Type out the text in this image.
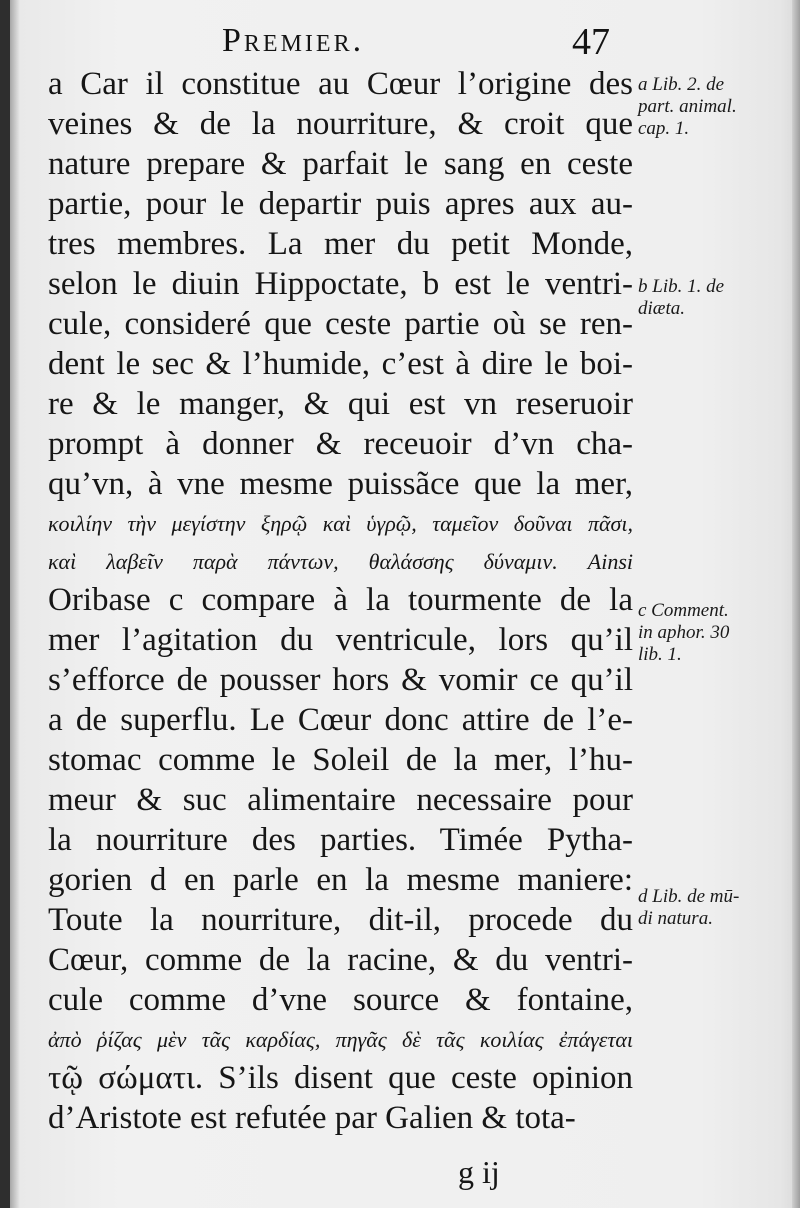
Premier.	47
a Car il constitue au Cœur l’origine des
veines & de la nourriture, & croit que
nature prepare & parfait le sang en ceste
partie, pour le departir puis apres aux au-
tres membres. La mer du petit Monde,
selon le diuin Hippoctate, b est le ventri-
cule, consideré que ceste partie où se ren-
dent le sec & l’humide, c’est à dire le boi-
re & le manger, & qui est vn reseruoir
prompt à donner & receuoir d’vn cha-
qu’vn, à vne mesme puissãce que la mer,
κοιλίην τὴν μεγίστην ξηρῷ καὶ ὑγρῷ, ταμεῖον δοῦναι πᾶσι,
καὶ λαβεῖν παρὰ πάντων, θαλάσσης δύναμιν. Ainsi
Oribase c compare à la tourmente de la
mer l’agitation du ventricule, lors qu’il
s’efforce de pousser hors & vomir ce qu’il
a de superflu. Le Cœur donc attire de l’e-
stomac comme le Soleil de la mer, l’hu-
meur & suc alimentaire necessaire pour
la nourriture des parties. Timée Pytha-
gorien d en parle en la mesme maniere:
Toute la nourriture, dit-il, procede du
Cœur, comme de la racine, & du ventri-
cule comme d’vne source & fontaine,
ἀπὸ ῥίζας μὲν τᾶς καρδίας, πηγᾶς δὲ τᾶς κοιλίας ἐπάγεται
τῷ σώματι. S’ils disent que ceste opinion
d’Aristote est refutée par Galien & tota-
a Lib. 2. de
part. animal.
cap. 1.
b Lib. 1. de
diæta.
c Comment.
in aphor. 30
lib. 1.
d Lib. de mū-
di natura.
g ij
